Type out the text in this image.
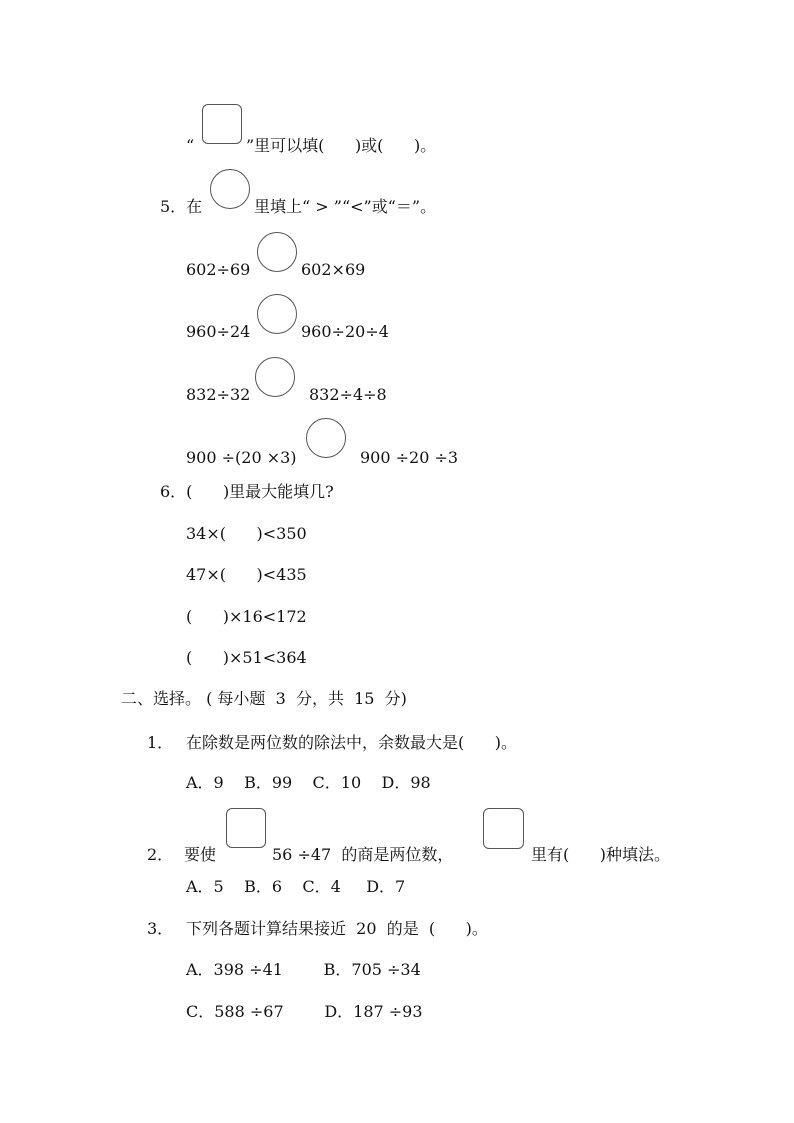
“	”里可以填(      )或(      )。
5．在	里填上“ > ”“<”或“＝”。
602÷69	602×69
960÷24	960÷20÷4
832÷32	832÷4÷8
900 ÷(20 ×3)	900 ÷20 ÷3
6．(      )里最大能填几?
34×(      )<350
47×(      )<435
(      )×16<172
(      )×51<364
二、选择。 ( 每小题  3  分，共  15  分)
1． 在除数是两位数的除法中，余数最大是(      )。
A．9    B．99    C．10    D．98
2． 要使	56 ÷47  的商是两位数，	里有(      )种填法。
A．5    B．6    C．4     D．7
3． 下列各题计算结果接近  20  的是  (      )。
A．398 ÷41        B．705 ÷34
C．588 ÷67        D．187 ÷93
